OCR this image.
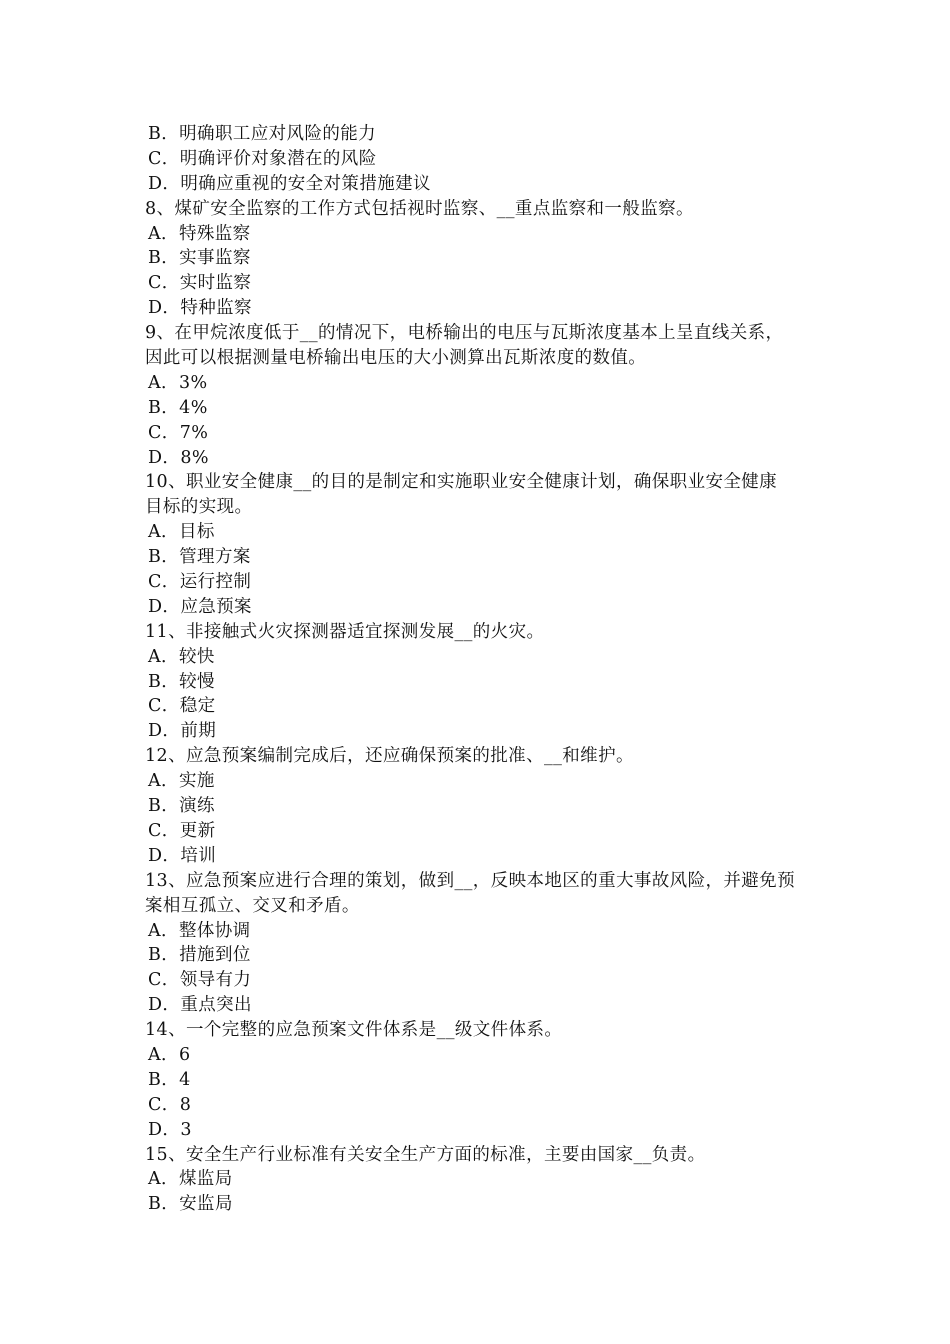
B．明确职工应对风险的能力
C．明确评价对象潜在的风险
D．明确应重视的安全对策措施建议
8、煤矿安全监察的工作方式包括视时监察、__重点监察和一般监察。
A．特殊监察
B．实事监察
C．实时监察
D．特种监察
9、在甲烷浓度低于__的情况下，电桥输出的电压与瓦斯浓度基本上呈直线关系，
因此可以根据测量电桥输出电压的大小测算出瓦斯浓度的数值。
A．3%
B．4%
C．7%
D．8%
10、职业安全健康__的目的是制定和实施职业安全健康计划，确保职业安全健康
目标的实现。
A．目标
B．管理方案
C．运行控制
D．应急预案
11、非接触式火灾探测器适宜探测发展__的火灾。
A．较快
B．较慢
C．稳定
D．前期
12、应急预案编制完成后，还应确保预案的批准、__和维护。
A．实施
B．演练
C．更新
D．培训
13、应急预案应进行合理的策划，做到__，反映本地区的重大事故风险，并避免预
案相互孤立、交叉和矛盾。
A．整体协调
B．措施到位
C．领导有力
D．重点突出
14、一个完整的应急预案文件体系是__级文件体系。
A．6
B．4
C．8
D．3
15、安全生产行业标准有关安全生产方面的标准，主要由国家__负责。
A．煤监局
B．安监局
